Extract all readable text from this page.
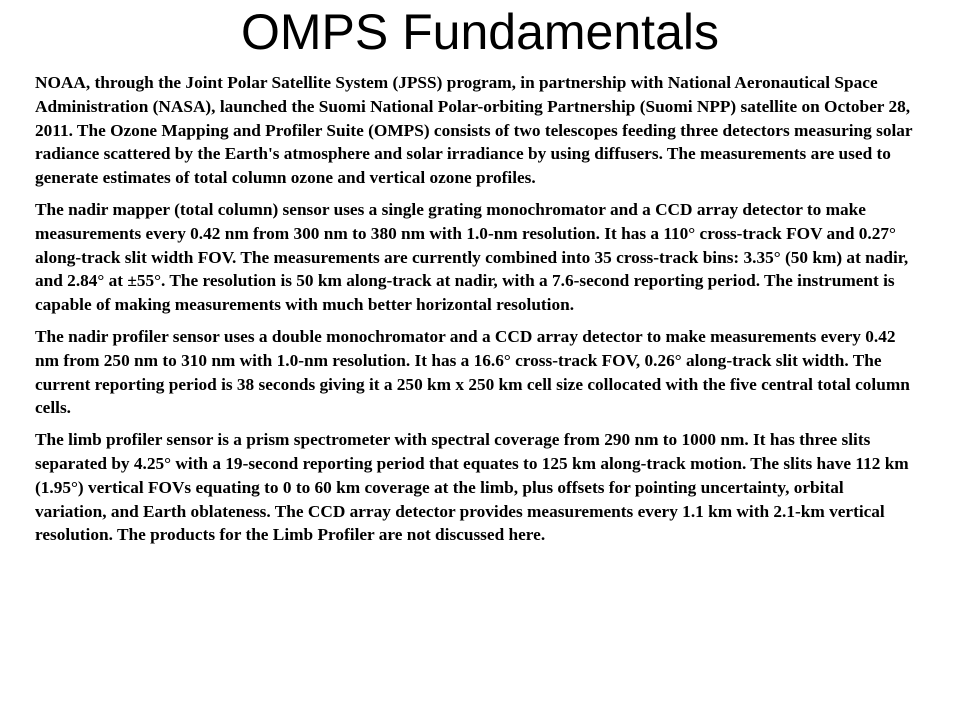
OMPS Fundamentals

NOAA, through the Joint Polar Satellite System (JPSS) program, in partnership with National Aeronautical Space Administration (NASA), launched the Suomi National Polar-orbiting Partnership (Suomi NPP) satellite on October 28, 2011. The Ozone Mapping and Profiler Suite (OMPS) consists of two telescopes feeding three detectors measuring solar radiance scattered by the Earth's atmosphere and solar irradiance by using diffusers. The measurements are used to generate estimates of total column ozone and vertical ozone profiles.

The nadir mapper (total column) sensor uses a single grating monochromator and a CCD array detector to make measurements every 0.42 nm from 300 nm to 380 nm with 1.0-nm resolution. It has a 110° cross-track FOV and 0.27° along-track slit width FOV. The measurements are currently combined into 35 cross-track bins: 3.35° (50 km) at nadir, and 2.84° at ±55°. The resolution is 50 km along-track at nadir, with a 7.6-second reporting period. The instrument is capable of making measurements with much better horizontal resolution.

The nadir profiler sensor uses a double monochromator and a CCD array detector to make measurements every 0.42 nm from 250 nm to 310 nm with 1.0-nm resolution. It has a 16.6° cross-track FOV, 0.26° along-track slit width. The current reporting period is 38 seconds giving it a 250 km x 250 km cell size collocated with the five central total column cells.

The limb profiler sensor is a prism spectrometer with spectral coverage from 290 nm to 1000 nm. It has three slits separated by 4.25° with a 19-second reporting period that equates to 125 km along-track motion. The slits have 112 km (1.95°) vertical FOVs equating to 0 to 60 km coverage at the limb, plus offsets for pointing uncertainty, orbital variation, and Earth oblateness. The CCD array detector provides measurements every 1.1 km with 2.1-km vertical resolution. The products for the Limb Profiler are not discussed here.
